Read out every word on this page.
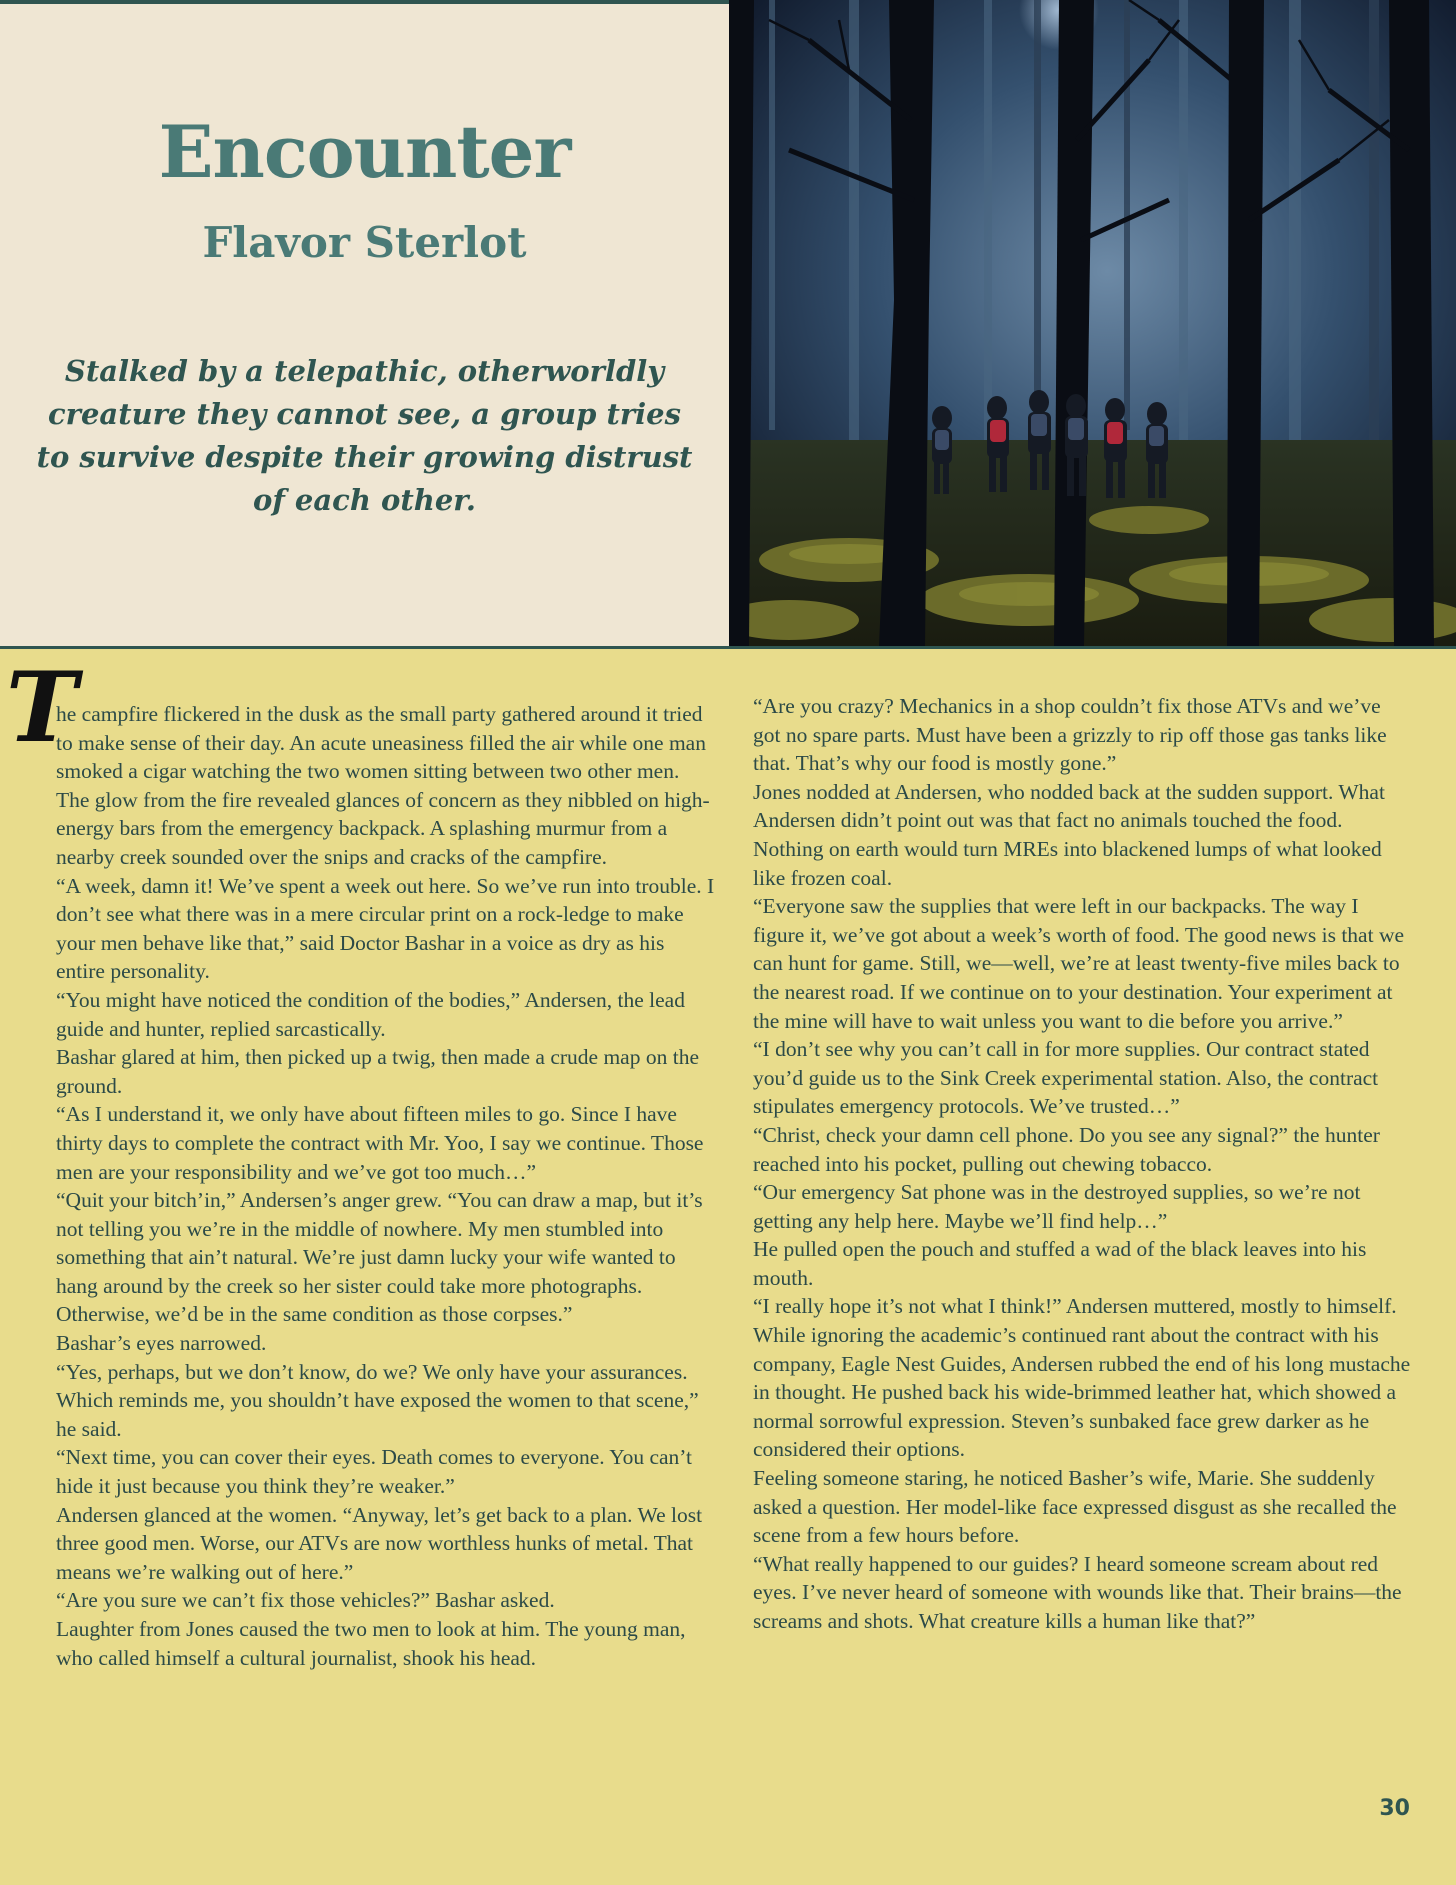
Encounter
Flavor Sterlot
Stalked by a telepathic, otherworldly creature they cannot see, a group tries to survive despite their growing distrust of each other.
T

he campfire flickered in the dusk as the small party gathered around it tried to make sense of their day. An acute uneasiness filled the air while one man smoked a cigar watching the two women sitting between two other men. The glow from the fire revealed glances of concern as they nibbled on high-energy bars from the emergency backpack. A splashing murmur from a nearby creek sounded over the snips and cracks of the campfire.

“A week, damn it! We’ve spent a week out here. So we’ve run into trouble. I don’t see what there was in a mere circular print on a rock-ledge to make your men behave like that,” said Doctor Bashar in a voice as dry as his entire personality.

“You might have noticed the condition of the bodies,” Andersen, the lead guide and hunter, replied sarcastically.

Bashar glared at him, then picked up a twig, then made a crude map on the ground.

“As I understand it, we only have about fifteen miles to go. Since I have thirty days to complete the contract with Mr. Yoo, I say we continue. Those men are your responsibility and we’ve got too much…”

“Quit your bitch’in,” Andersen’s anger grew. “You can draw a map, but it’s not telling you we’re in the middle of nowhere. My men stumbled into something that ain’t natural. We’re just damn lucky your wife wanted to hang around by the creek so her sister could take more photographs. Otherwise, we’d be in the same condition as those corpses.”

Bashar’s eyes narrowed.

“Yes, perhaps, but we don’t know, do we? We only have your assurances. Which reminds me, you shouldn’t have exposed the women to that scene,” he said.

“Next time, you can cover their eyes. Death comes to everyone. You can’t hide it just because you think they’re weaker.”

Andersen glanced at the women. “Anyway, let’s get back to a plan. We lost three good men. Worse, our ATVs are now worthless hunks of metal. That means we’re walking out of here.”

“Are you sure we can’t fix those vehicles?” Bashar asked.

Laughter from Jones caused the two men to look at him. The young man, who called himself a cultural journalist, shook his head.

“Are you crazy? Mechanics in a shop couldn’t fix those ATVs and we’ve got no spare parts. Must have been a grizzly to rip off those gas tanks like that. That’s why our food is mostly gone.”

Jones nodded at Andersen, who nodded back at the sudden support. What Andersen didn’t point out was that fact no animals touched the food. Nothing on earth would turn MREs into blackened lumps of what looked like frozen coal.

“Everyone saw the supplies that were left in our backpacks. The way I figure it, we’ve got about a week’s worth of food. The good news is that we can hunt for game. Still, we—well, we’re at least twenty-five miles back to the nearest road. If we continue on to your destination. Your experiment at the mine will have to wait unless you want to die before you arrive.”

“I don’t see why you can’t call in for more supplies. Our contract stated you’d guide us to the Sink Creek experimental station. Also, the contract stipulates emergency protocols. We’ve trusted…”

“Christ, check your damn cell phone. Do you see any signal?” the hunter reached into his pocket, pulling out chewing tobacco.

“Our emergency Sat phone was in the destroyed supplies, so we’re not getting any help here. Maybe we’ll find help…”

He pulled open the pouch and stuffed a wad of the black leaves into his mouth.

“I really hope it’s not what I think!” Andersen muttered, mostly to himself.

While ignoring the academic’s continued rant about the contract with his company, Eagle Nest Guides, Andersen rubbed the end of his long mustache in thought. He pushed back his wide-brimmed leather hat, which showed a normal sorrowful expression. Steven’s sunbaked face grew darker as he considered their options.

Feeling someone staring, he noticed Basher’s wife, Marie. She suddenly asked a question. Her model-like face expressed disgust as she recalled the scene from a few hours before.

“What really happened to our guides? I heard someone scream about red eyes. I’ve never heard of someone with wounds like that. Their brains—the screams and shots. What creature kills a human like that?”

30
